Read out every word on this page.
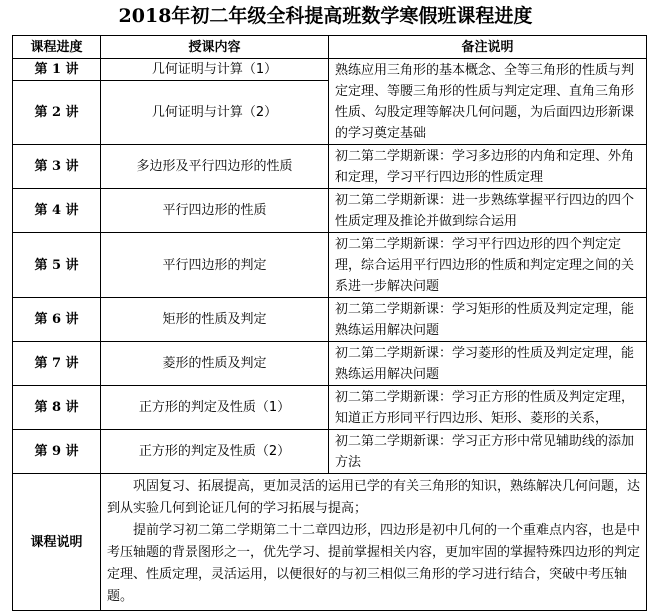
2018年初二年级全科提高班数学寒假班课程进度
课程进度	授课内容	备注说明
第 1 讲	几何证明与计算（1）	熟练应用三角形的基本概念、全等三角形的性质与判定定理、等腰三角形的性质与判定定理、直角三角形性质、勾股定理等解决几何问题，为后面四边形新课的学习奠定基础
第 2 讲	几何证明与计算（2）	
第 3 讲	多边形及平行四边形的性质	初二第二学期新课：学习多边形的内角和定理、外角和定理，学习平行四边形的性质定理
第 4 讲	平行四边形的性质	初二第二学期新课：进一步熟练掌握平行四边的四个性质定理及推论并做到综合运用
第 5 讲	平行四边形的判定	初二第二学期新课：学习平行四边形的四个判定定理，综合运用平行四边形的性质和判定定理之间的关系进一步解决问题
第 6 讲	矩形的性质及判定	初二第二学期新课：学习矩形的性质及判定定理，能熟练运用解决问题
第 7 讲	菱形的性质及判定	初二第二学期新课：学习菱形的性质及判定定理，能熟练运用解决问题
第 8 讲	正方形的判定及性质（1）	初二第二学期新课：学习正方形的性质及判定定理，知道正方形同平行四边形、矩形、菱形的关系，
第 9 讲	正方形的判定及性质（2）	初二第二学期新课：学习正方形中常见辅助线的添加方法
课程说明	巩固复习、拓展提高，更加灵活的运用已学的有关三角形的知识，熟练解决几何问题，达到从实验几何到论证几何的学习拓展与提高；
提前学习初二第二学期第二十二章四边形，四边形是初中几何的一个重难点内容，也是中考压轴题的背景图形之一，优先学习、提前掌握相关内容，更加牢固的掌握特殊四边形的判定定理、性质定理，灵活运用，以便很好的与初三相似三角形的学习进行结合，突破中考压轴题。	
